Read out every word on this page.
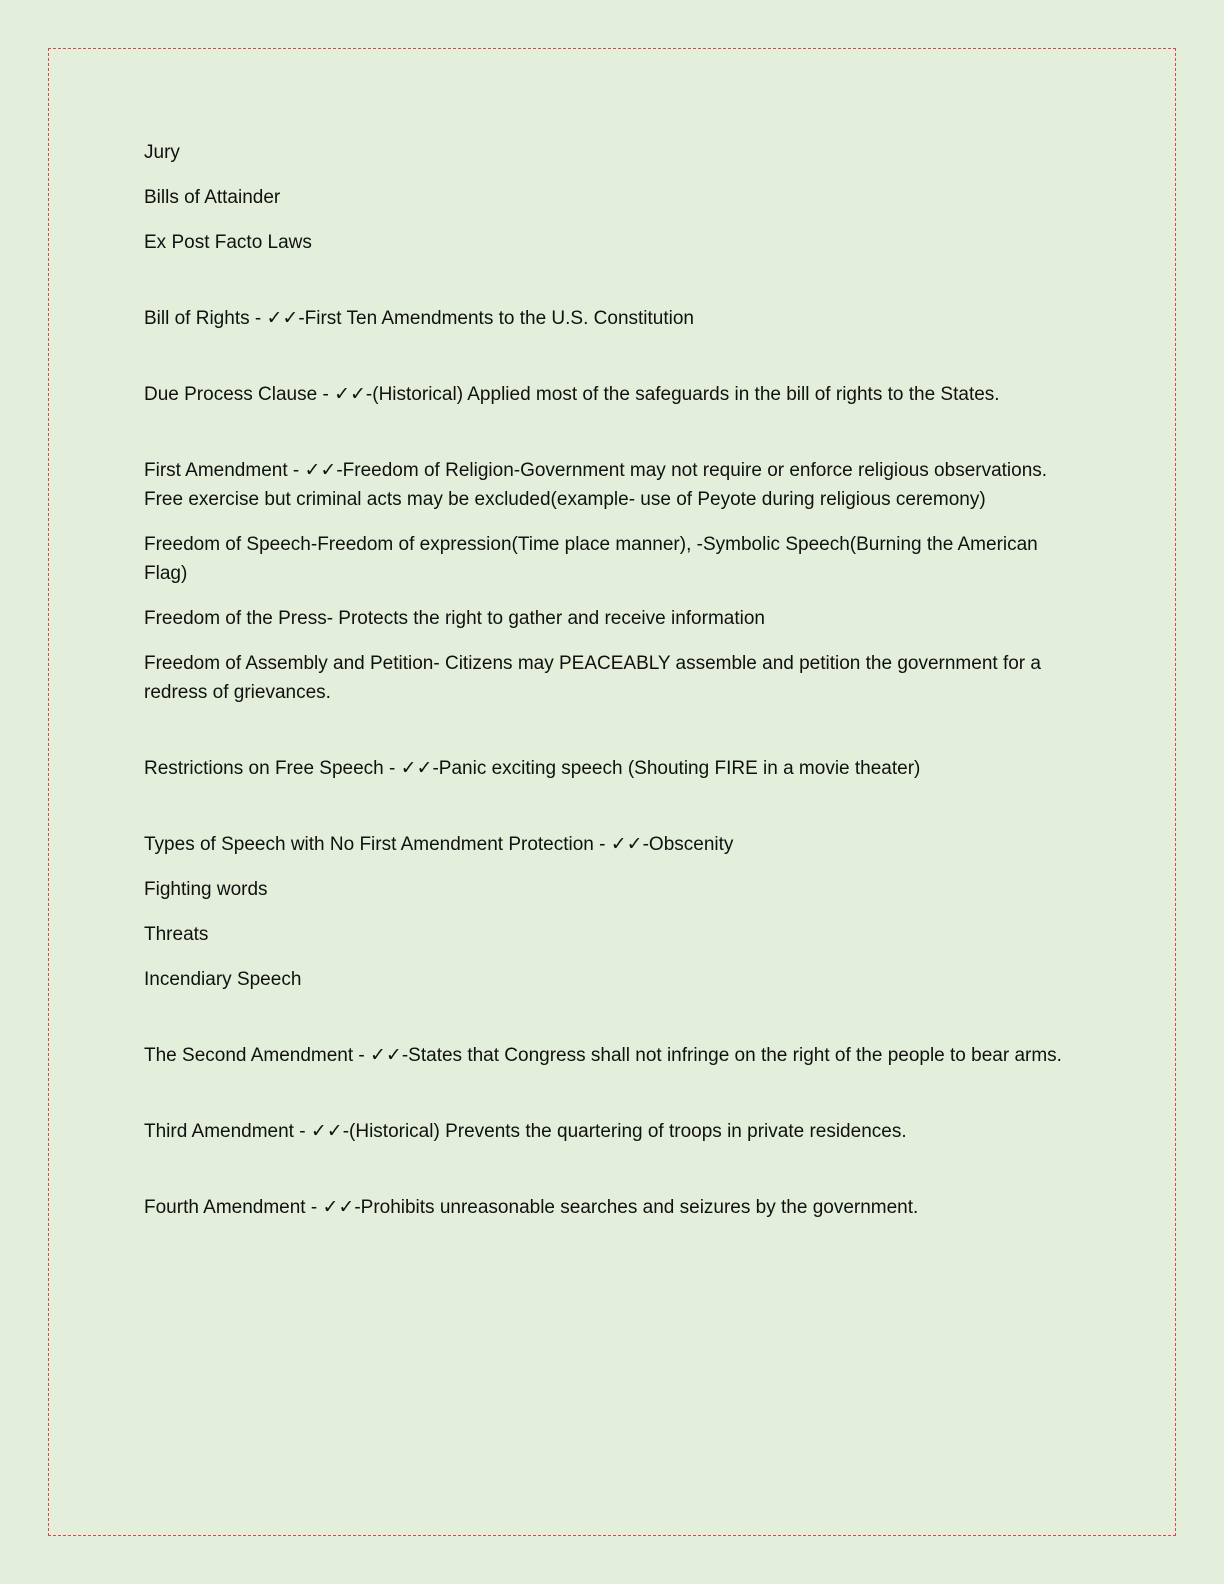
Jury

Bills of Attainder

Ex Post Facto Laws

Bill of Rights - ✓✓-First Ten Amendments to the U.S. Constitution

Due Process Clause - ✓✓-(Historical) Applied most of the safeguards in the bill of rights to the States.

First Amendment - ✓✓-Freedom of Religion-Government may not require or enforce religious observations. Free exercise but criminal acts may be excluded(example- use of Peyote during religious ceremony)

Freedom of Speech-Freedom of expression(Time place manner), -Symbolic Speech(Burning the American Flag)

Freedom of the Press- Protects the right to gather and receive information

Freedom of Assembly and Petition- Citizens may PEACEABLY assemble and petition the government for a redress of grievances.

Restrictions on Free Speech - ✓✓-Panic exciting speech (Shouting FIRE in a movie theater)

Types of Speech with No First Amendment Protection - ✓✓-Obscenity

Fighting words

Threats

Incendiary Speech

The Second Amendment - ✓✓-States that Congress shall not infringe on the right of the people to bear arms.

Third Amendment - ✓✓-(Historical) Prevents the quartering of troops in private residences.

Fourth Amendment - ✓✓-Prohibits unreasonable searches and seizures by the government.
